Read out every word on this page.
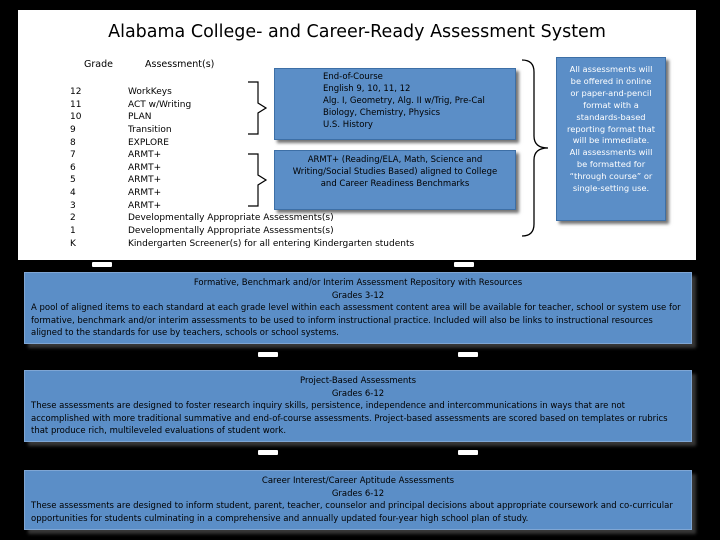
Alabama College- and Career-Ready Assessment System
Grade	Assessment(s)
12
11
10
9
8
7
6
5
4
3
2
1
K
WorkKeys
ACT w/Writing
PLAN
Transition
EXPLORE
ARMT+
ARMT+
ARMT+
ARMT+
ARMT+
Developmentally Appropriate Assessments(s)
Developmentally Appropriate Assessments(s)
Kindergarten Screener(s) for all entering Kindergarten students
End-of-Course
English 9, 10, 11, 12
Alg. I, Geometry, Alg. II w/Trig, Pre-Cal
Biology, Chemistry, Physics
U.S. History
ARMT+ (Reading/ELA, Math, Science and
Writing/Social Studies Based) aligned to College
and Career Readiness Benchmarks
All assessments will
be offered in online
or paper-and-pencil
format with a
standards-based
reporting format that
will be immediate.
All assessments will
be formatted for
“through course” or
single-setting use.
Formative, Benchmark and/or Interim Assessment Repository with Resources
Grades 3-12
A pool of aligned items to each standard at each grade level within each assessment content area will be available for teacher, school or system use for formative, benchmark and/or interim assessments to be used to inform instructional practice. Included will also be links to instructional resources aligned to the standards for use by teachers, schools or school systems.
Project-Based Assessments
Grades 6-12
These assessments are designed to foster research inquiry skills, persistence, independence and intercommunications in ways that are not accomplished with more traditional summative and end-of-course assessments. Project-based assessments are scored based on templates or rubrics that produce rich, multileveled evaluations of student work.
Career Interest/Career Aptitude Assessments
Grades 6-12
These assessments are designed to inform student, parent, teacher, counselor and principal decisions about appropriate coursework and co-curricular opportunities for students culminating in a comprehensive and annually updated four-year high school plan of study.
